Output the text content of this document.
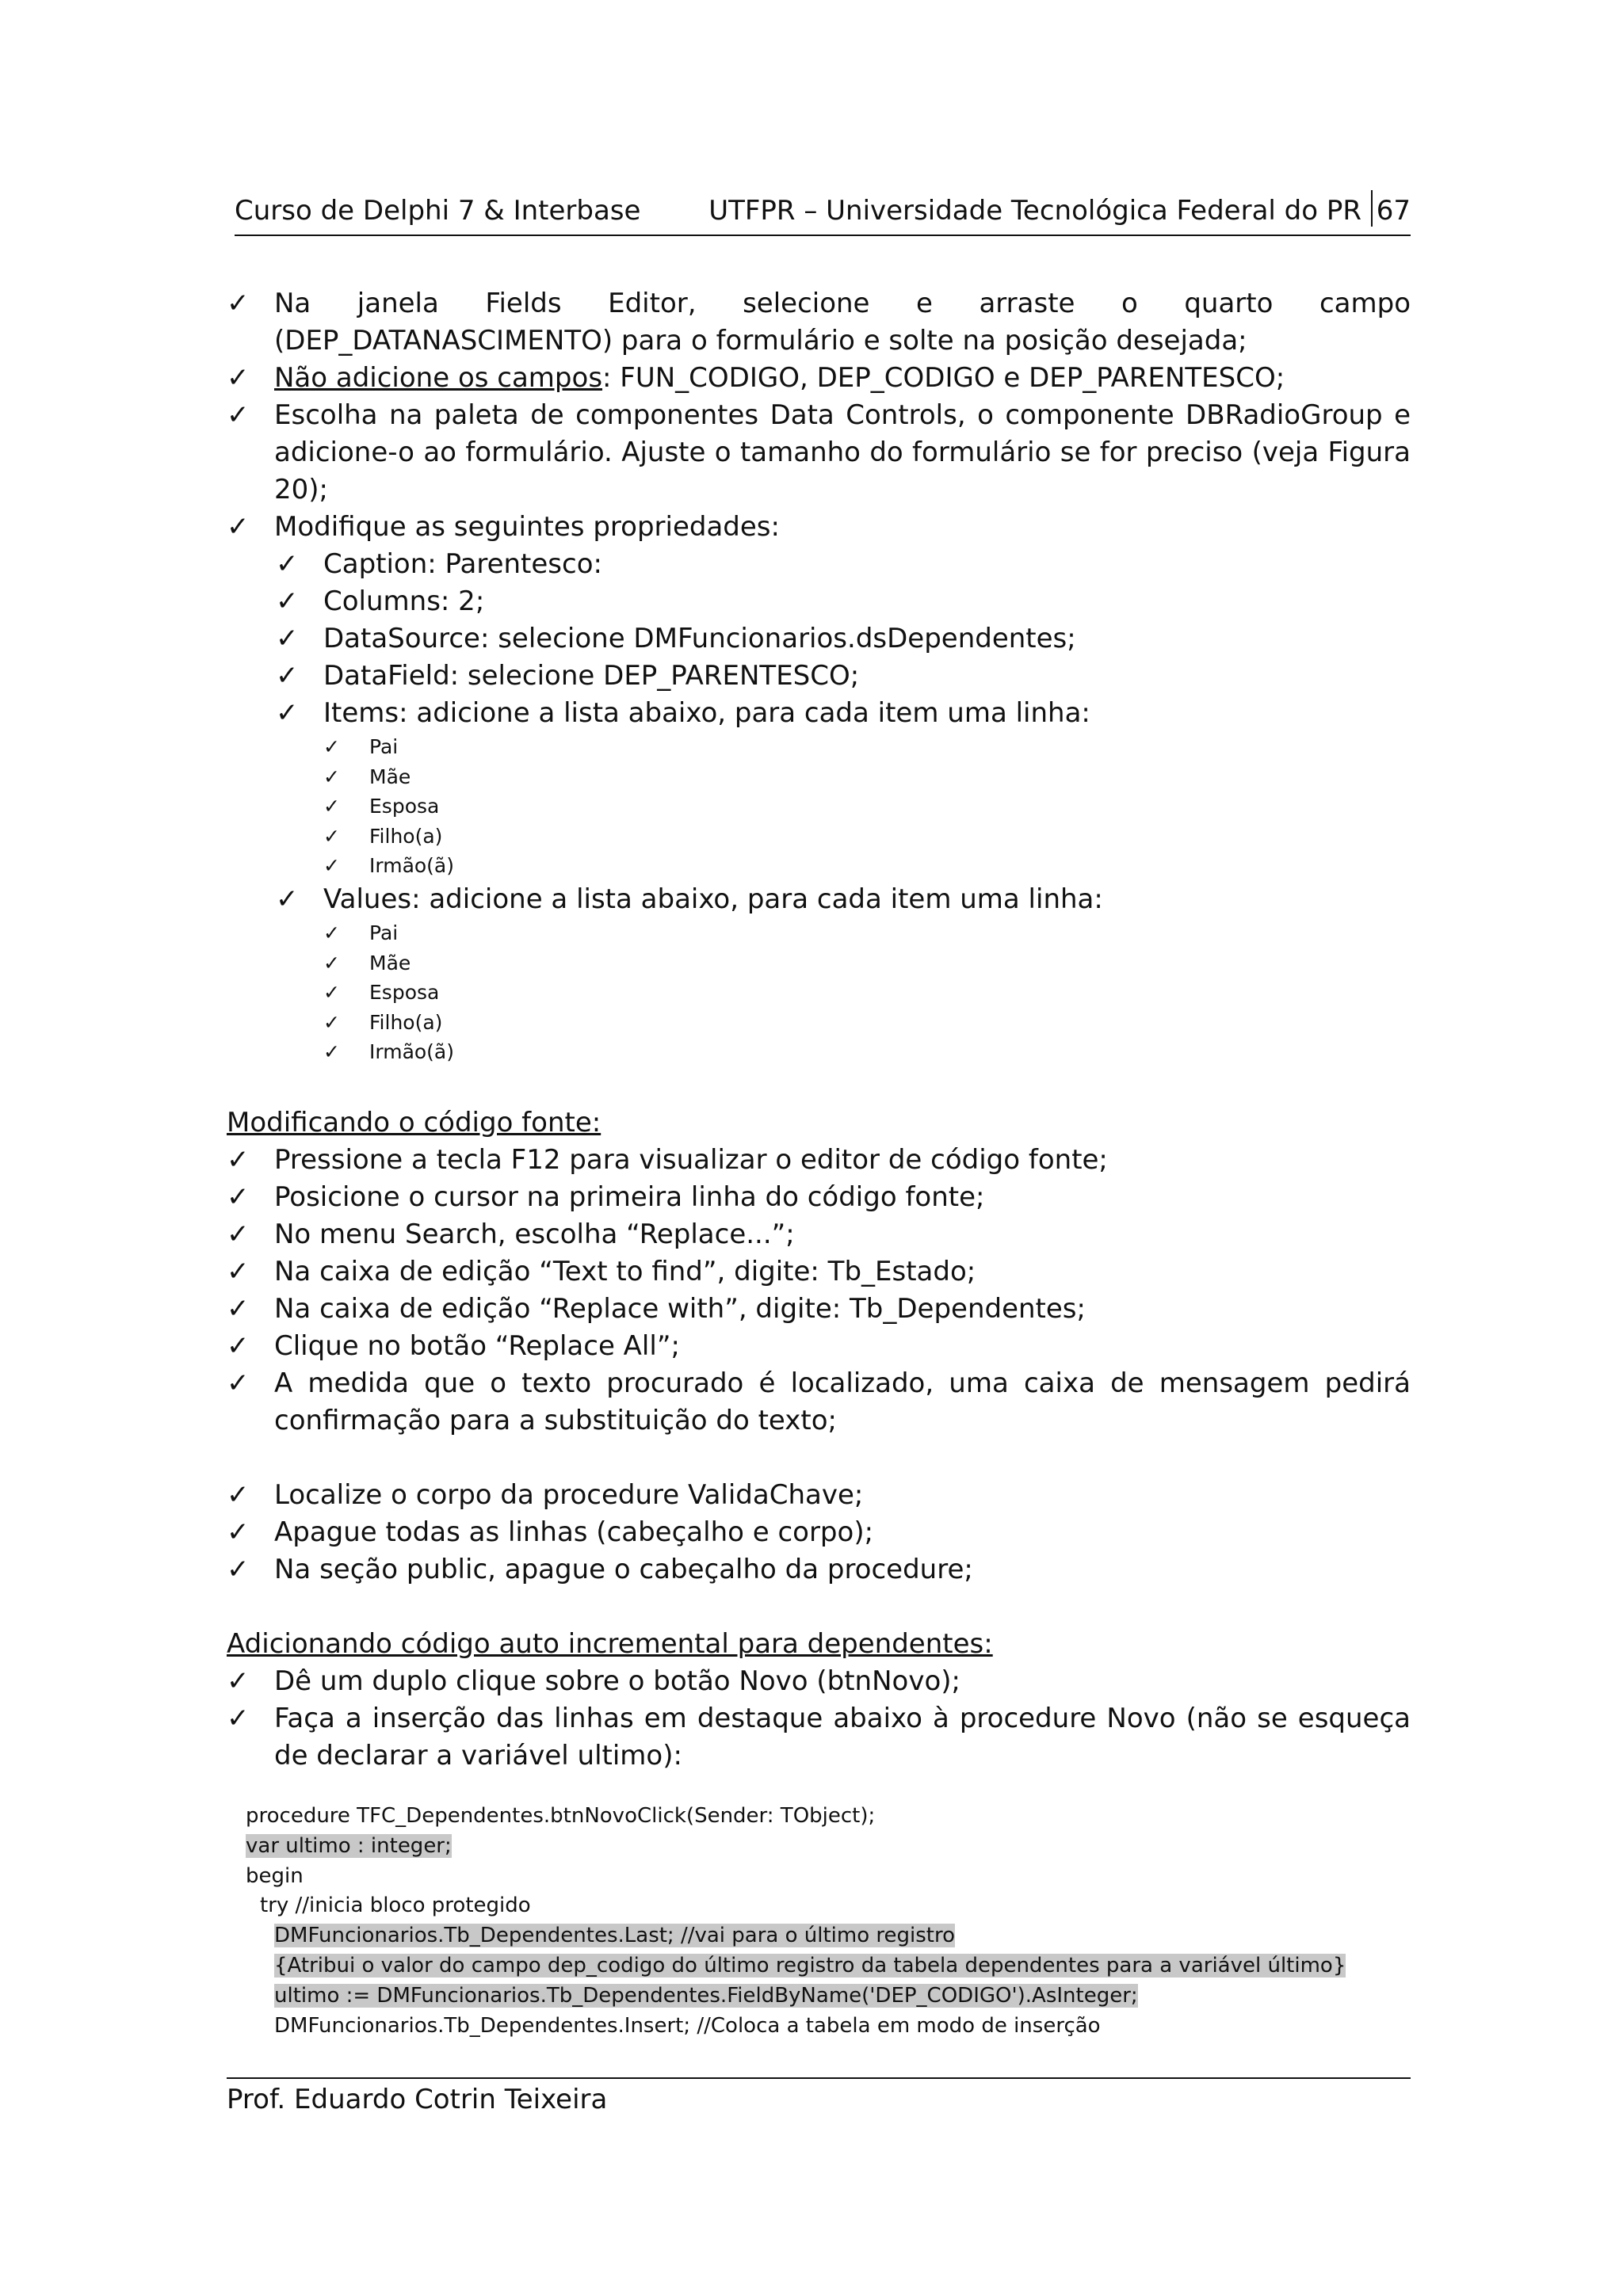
Curso de Delphi 7 & Interbase	UTFPR – Universidade Tecnológica Federal do PR 67
✓ Na janela Fields Editor, selecione e arraste o quarto campo (DEP_DATANASCIMENTO) para o formulário e solte na posição desejada;
✓ Não adicione os campos: FUN_CODIGO, DEP_CODIGO e DEP_PARENTESCO;
✓ Escolha na paleta de componentes Data Controls, o componente DBRadioGroup e adicione-o ao formulário. Ajuste o tamanho do formulário se for preciso (veja Figura 20);
✓ Modifique as seguintes propriedades:
✓ Caption: Parentesco:
✓ Columns: 2;
✓ DataSource: selecione DMFuncionarios.dsDependentes;
✓ DataField: selecione DEP_PARENTESCO;
✓ Items: adicione a lista abaixo, para cada item uma linha:
✓ Pai
✓ Mãe
✓ Esposa
✓ Filho(a)
✓ Irmão(ã)
✓ Values: adicione a lista abaixo, para cada item uma linha:
✓ Pai
✓ Mãe
✓ Esposa
✓ Filho(a)
✓ Irmão(ã)
Modificando o código fonte:
✓ Pressione a tecla F12 para visualizar o editor de código fonte;
✓ Posicione o cursor na primeira linha do código fonte;
✓ No menu Search, escolha “Replace...”;
✓ Na caixa de edição “Text to find”, digite: Tb_Estado;
✓ Na caixa de edição “Replace with”, digite: Tb_Dependentes;
✓ Clique no botão “Replace All”;
✓ A medida que o texto procurado é localizado, uma caixa de mensagem pedirá confirmação para a substituição do texto;
✓ Localize o corpo da procedure ValidaChave;
✓ Apague todas as linhas (cabeçalho e corpo);
✓ Na seção public, apague o cabeçalho da procedure;
Adicionando código auto incremental para dependentes:
✓ Dê um duplo clique sobre o botão Novo (btnNovo);
✓ Faça a inserção das linhas em destaque abaixo à procedure Novo (não se esqueça de declarar a variável ultimo):
procedure TFC_Dependentes.btnNovoClick(Sender: TObject);
var ultimo : integer;
begin
try //inicia bloco protegido
DMFuncionarios.Tb_Dependentes.Last; //vai para o último registro
{Atribui o valor do campo dep_codigo do último registro da tabela dependentes para a variável último}
ultimo := DMFuncionarios.Tb_Dependentes.FieldByName('DEP_CODIGO').AsInteger;
DMFuncionarios.Tb_Dependentes.Insert; //Coloca a tabela em modo de inserção
Prof. Eduardo Cotrin Teixeira
